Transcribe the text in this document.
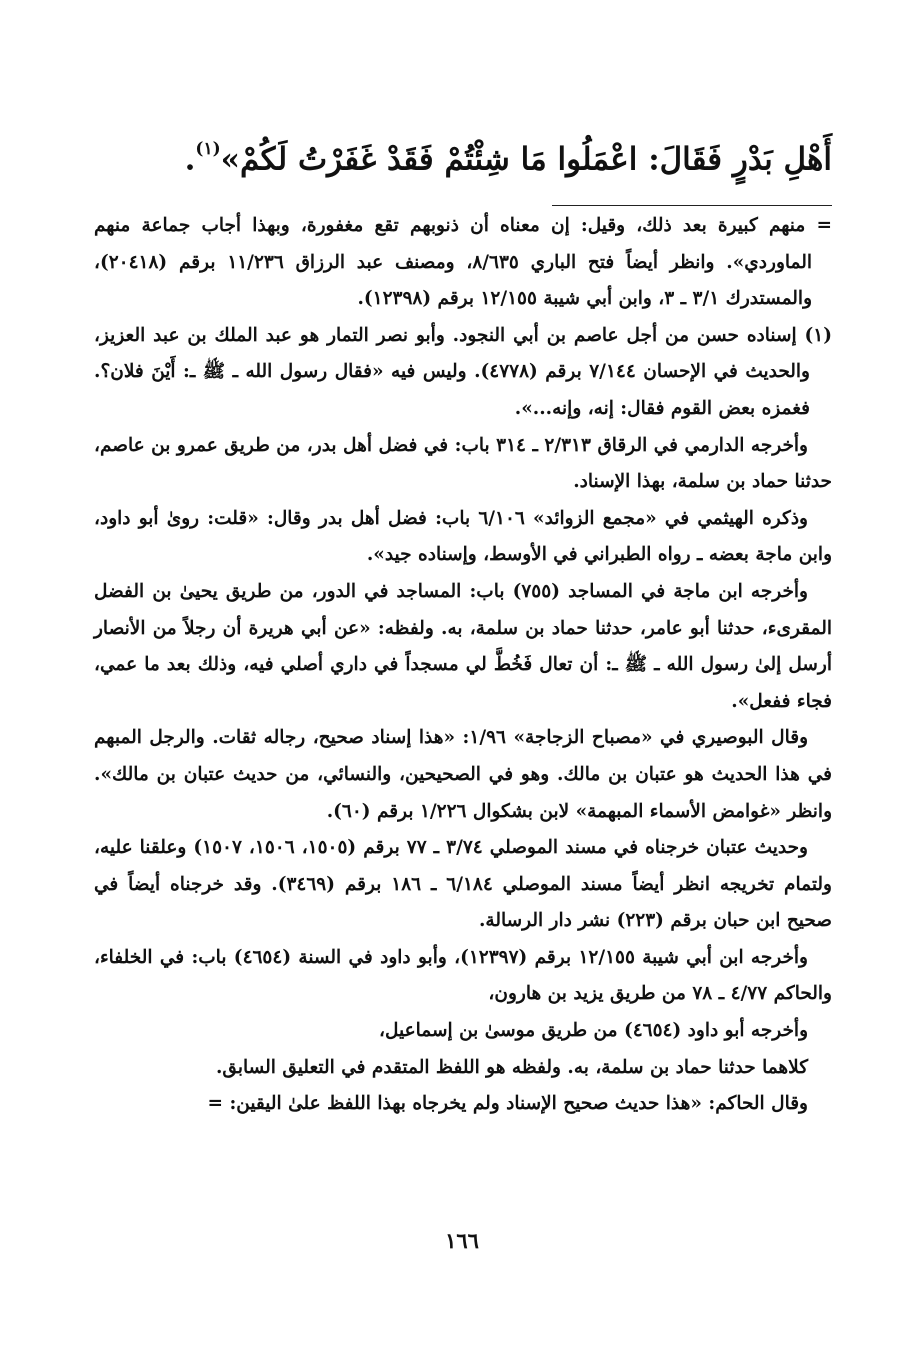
أَهْلِ بَدْرٍ فَقَالَ: اعْمَلُوا مَا شِئْتُمْ فَقَدْ غَفَرْتُ لَكُمْ»$^{(١)}$.

= منهم كبيرة بعد ذلك، وقيل: إن معناه أن ذنوبهم تقع مغفورة، وبهذا أجاب جماعة منهم الماوردي». وانظر أيضاً فتح الباري ٨/٦٣٥، ومصنف عبد الرزاق ١١/٢٣٦ برقم (٢٠٤١٨)، والمستدرك ٣/١ ـ ٣، وابن أبي شيبة ١٢/١٥٥ برقم (١٢٣٩٨).

(١) إسناده حسن من أجل عاصم بن أبي النجود. وأبو نصر التمار هو عبد الملك بن عبد العزيز، والحديث في الإحسان ٧/١٤٤ برقم (٤٧٧٨). وليس فيه «فقال رسول الله ـ ﷺ ـ: أَيْنَ فلان؟. فغمزه بعض القوم فقال: إنه، وإنه...».

وأخرجه الدارمي في الرقاق ٢/٣١٣ ـ ٣١٤ باب: في فضل أهل بدر، من طريق عمرو بن عاصم، حدثنا حماد بن سلمة، بهذا الإسناد.

وذكره الهيثمي في «مجمع الزوائد» ٦/١٠٦ باب: فضل أهل بدر وقال: «قلت: روىٰ أبو داود، وابن ماجة بعضه ـ رواه الطبراني في الأوسط، وإسناده جيد».

وأخرجه ابن ماجة في المساجد (٧٥٥) باب: المساجد في الدور، من طريق يحيىٰ بن الفضل المقرىء، حدثنا أبو عامر، حدثنا حماد بن سلمة، به. ولفظه: «عن أبي هريرة أن رجلاً من الأنصار أرسل إلىٰ رسول الله ـ ﷺ ـ: أن تعال فَخُطَّ لي مسجداً في داري أصلي فيه، وذلك بعد ما عمي، فجاء ففعل».

وقال البوصيري في «مصباح الزجاجة» ١/٩٦: «هذا إسناد صحيح، رجاله ثقات. والرجل المبهم في هذا الحديث هو عتبان بن مالك. وهو في الصحيحين، والنسائي، من حديث عتبان بن مالك». وانظر «غوامض الأسماء المبهمة» لابن بشكوال ١/٢٢٦ برقم (٦٠).

وحديث عتبان خرجناه في مسند الموصلي ٣/٧٤ ـ ٧٧ برقم (١٥٠٥، ١٥٠٦، ١٥٠٧) وعلقنا عليه، ولتمام تخريجه انظر أيضاً مسند الموصلي ٦/١٨٤ ـ ١٨٦ برقم (٣٤٦٩). وقد خرجناه أيضاً في صحيح ابن حبان برقم (٢٢٣) نشر دار الرسالة.

وأخرجه ابن أبي شيبة ١٢/١٥٥ برقم (١٢٣٩٧)، وأبو داود في السنة (٤٦٥٤) باب: في الخلفاء، والحاكم ٤/٧٧ ـ ٧٨ من طريق يزيد بن هارون،

وأخرجه أبو داود (٤٦٥٤) من طريق موسىٰ بن إسماعيل،

كلاهما حدثنا حماد بن سلمة، به. ولفظه هو اللفظ المتقدم في التعليق السابق.

وقال الحاكم: «هذا حديث صحيح الإسناد ولم يخرجاه بهذا اللفظ علىٰ اليقين: =

١٦٦
